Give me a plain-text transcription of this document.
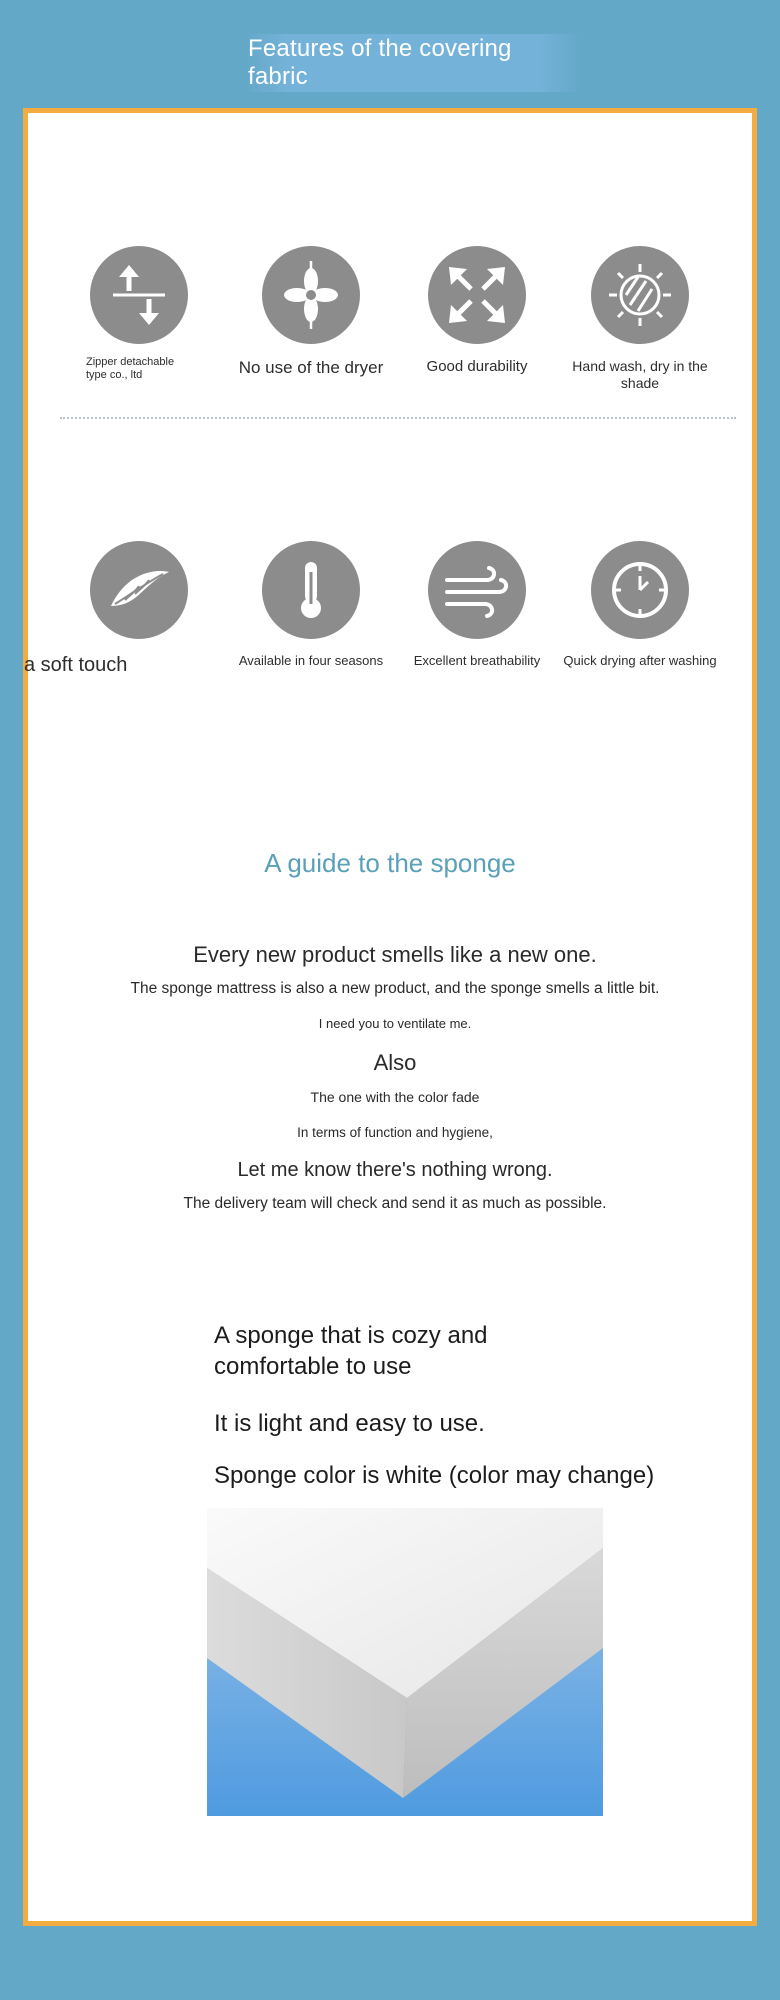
Features of the covering fabric
Zipper detachable type co., ltd	No use of the dryer	Good durability	Hand wash, dry in the shade
a soft touch	Available in four seasons	Excellent breathability	Quick drying after washing
A guide to the sponge
Every new product smells like a new one.
The sponge mattress is also a new product, and the sponge smells a little bit.
I need you to ventilate me.
Also
The one with the color fade
In terms of function and hygiene,
Let me know there's nothing wrong.
The delivery team will check and send it as much as possible.
A sponge that is cozy and comfortable to use
It is light and easy to use.
Sponge color is white (color may change)
